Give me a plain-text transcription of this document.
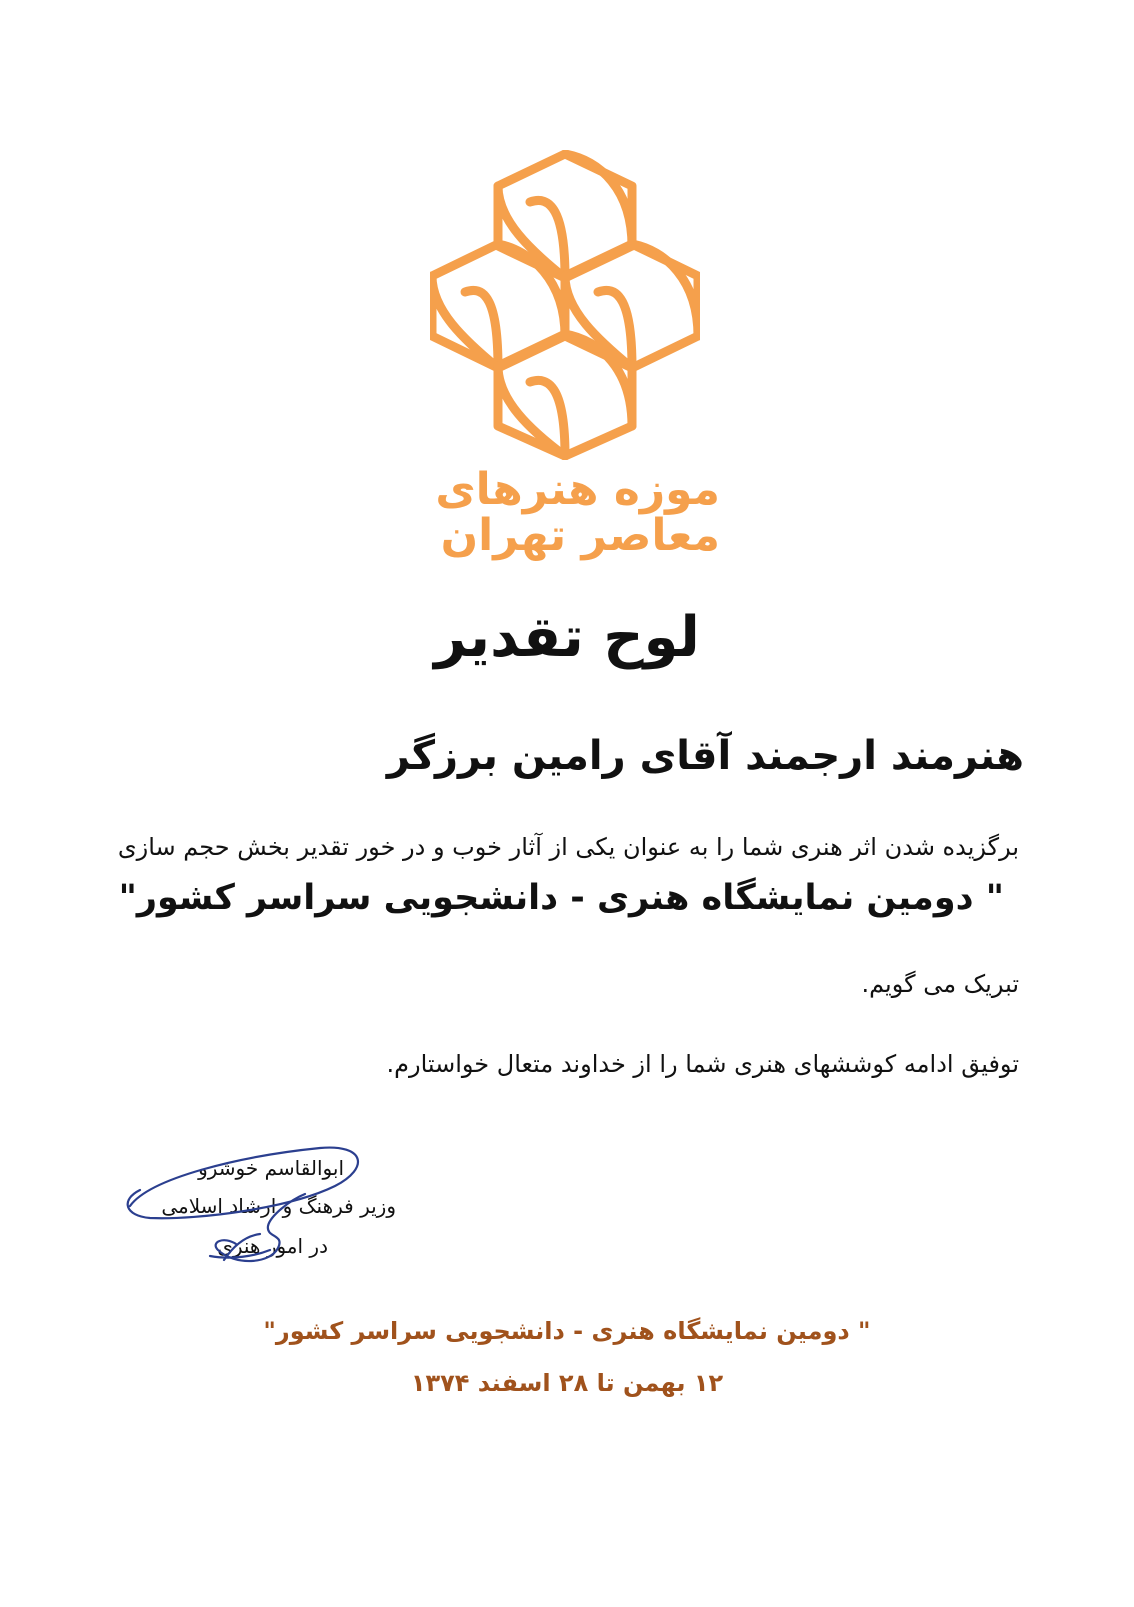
موزه هنرهای
معاصر تهران
لوح تقدیر
هنرمند ارجمند آقای رامین برزگر
برگزیده شدن اثر هنری شما را به عنوان یکی از آثار خوب و در خور تقدیر بخش حجم سازی
" دومین نمایشگاه هنری - دانشجویی سراسر کشور"
تبریک می گویم.
توفیق ادامه کوششهای هنری شما را از خداوند متعال خواستارم.
ابوالقاسم خوشرو
وزیر فرهنگ و ارشاد اسلامی
در امور هنری
" دومین نمایشگاه هنری - دانشجویی سراسر کشور"
۱۲ بهمن تا ۲۸ اسفند ۱۳۷۴
